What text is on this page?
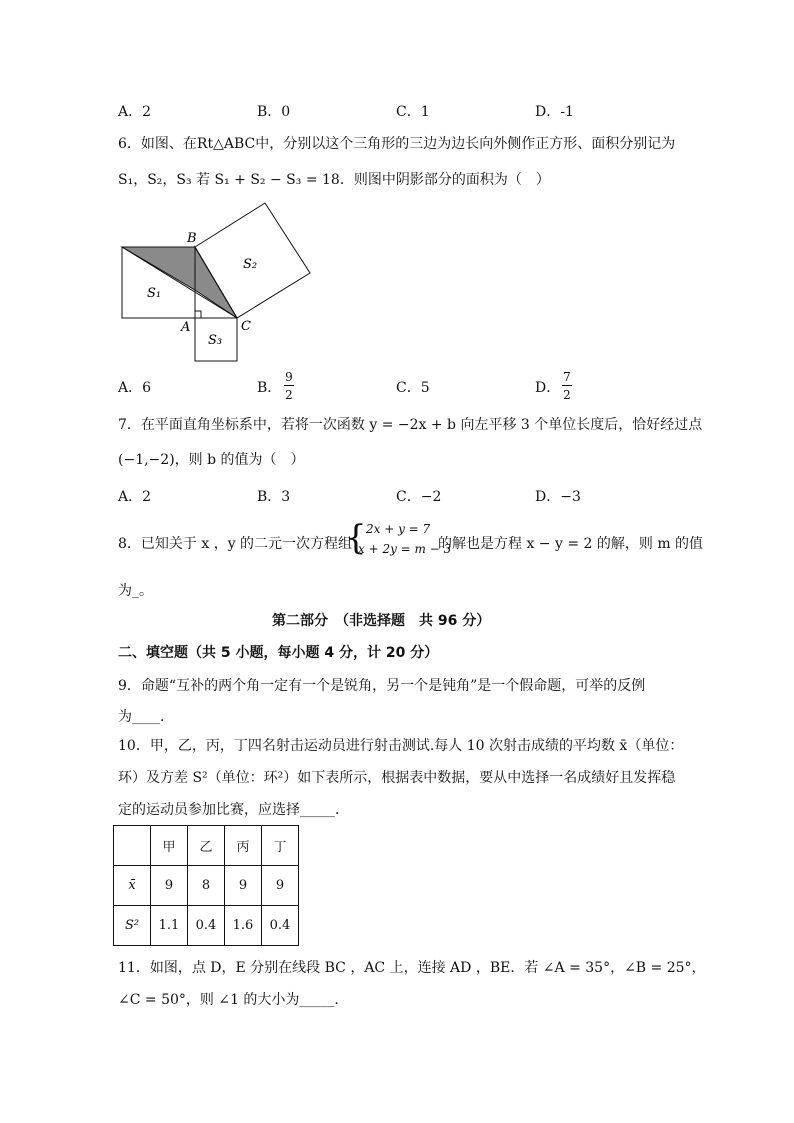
A．2	B．0	C．1	D．-1
6．如图、在Rt△ABC中，分别以这个三角形的三边为边长向外侧作正方形、面积分别记为
S₁，S₂，S₃ 若 S₁ + S₂ − S₃ = 18．则图中阴影部分的面积为（　）
B
A	C
S₁
S₂
S₃
A．6	B．
9
2	C．5	D．
7
2
7．在平面直角坐标系中，若将一次函数 y = −2x + b 向左平移 3 个单位长度后，恰好经过点
(−1,−2)，则 b 的值为（　）
A．2	B．3	C．−2	D．−3
8．已知关于 x ，y 的二元一次方程组
{ 2x + y = 7
x + 2y = m − 3
的解也是方程 x − y = 2 的解，则 m 的值
为_。
第二部分　（非选择题　共 96 分）
二、填空题（共 5 小题，每小题 4 分，计 20 分）
9．命题“互补的两个角一定有一个是锐角，另一个是钝角”是一个假命题，可举的反例
为____．
10．甲，乙，丙，丁四名射击运动员进行射击测试.每人 10 次射击成绩的平均数 x̄（单位：
环）及方差 S²（单位：环²）如下表所示，根据表中数据，要从中选择一名成绩好且发挥稳
定的运动员参加比赛，应选择_____．
	甲	乙	丙	丁
x̄	9	8	9	9
S²	1.1	0.4	1.6	0.4
11．如图，点 D，E 分别在线段 BC ，AC 上，连接 AD ，BE．若 ∠A = 35°，∠B = 25°，
∠C = 50°，则 ∠1 的大小为_____．
